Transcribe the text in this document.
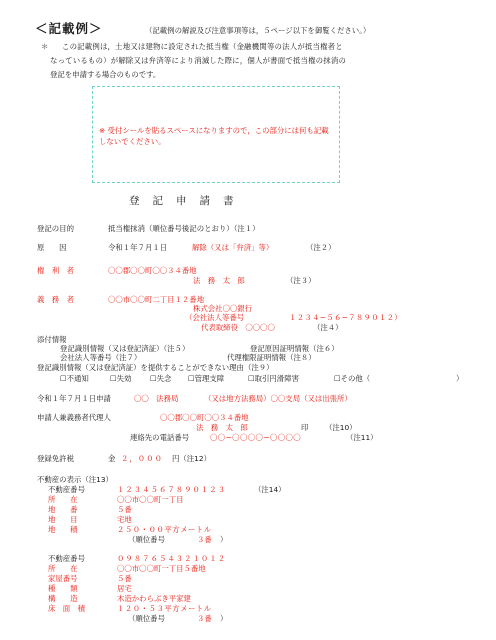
＜記載例＞	（記載例の解説及び注意事項等は，５ページ以下を御覧ください。）
＊ この記載例は，土地又は建物に設定された抵当権（金融機関等の法人が抵当権者と
なっているもの）が解除又は弁済等により消滅した際に，個人が書面で抵当権の抹消の
登記を申請する場合のものです。
※ 受付シールを貼るスペースになりますので，この部分には何も記載しないでください。
登記申請書
登記の目的	抵当権抹消（順位番号後記のとおり）（注１）
原　　因	令和１年７月１日	解除（又は「弁済」等）	（注２）
権　利　者	〇〇郡〇〇町〇〇３４番地
法　務　太　郎	（注３）
義　務　者	〇〇市〇〇町二丁目１２番地
株式会社〇〇銀行
（会社法人等番号	１２３４−５６−７８９０１２）
代表取締役　〇〇〇〇	（注４）
添付情報
登記識別情報（又は登記済証）（注５）	登記原因証明情報（注６）
会社法人等番号（注７）	代理権限証明情報（注８）
登記識別情報（又は登記済証）を提供することができない理由（注９）
☐不通知	☐失効	☐失念 ☐管理支障	☐取引円滑障害	☐その他（	）
令和１年７月１日申請	〇〇　法務局	（又は地方法務局）〇〇支局（又は出張所）
申請人兼義務者代理人	〇〇郡〇〇町〇〇３４番地
法　務　太　郎	印 （注10）
連絡先の電話番号	〇〇−〇〇〇〇−〇〇〇〇	（注11）
登録免許税	金 ２，０００ 円（注12）
不動産の表示（注13）
不動産番号	１２３４５６７８９０１２３	（注14）
所　　在	〇〇市〇〇町一丁目
地　　番	５番
地　　目	宅地
地　　積	２５０・００平方メートル
（順位番号	３番 ）
不動産番号	０９８７６５４３２１０１２
所　　在	〇〇市〇〇町一丁目５番地
家屋番号	５番
種　　類	居宅
構　　造	木造かわらぶき平家建
床　面　積	１２０・５３平方メートル
（順位番号	３番 ）
